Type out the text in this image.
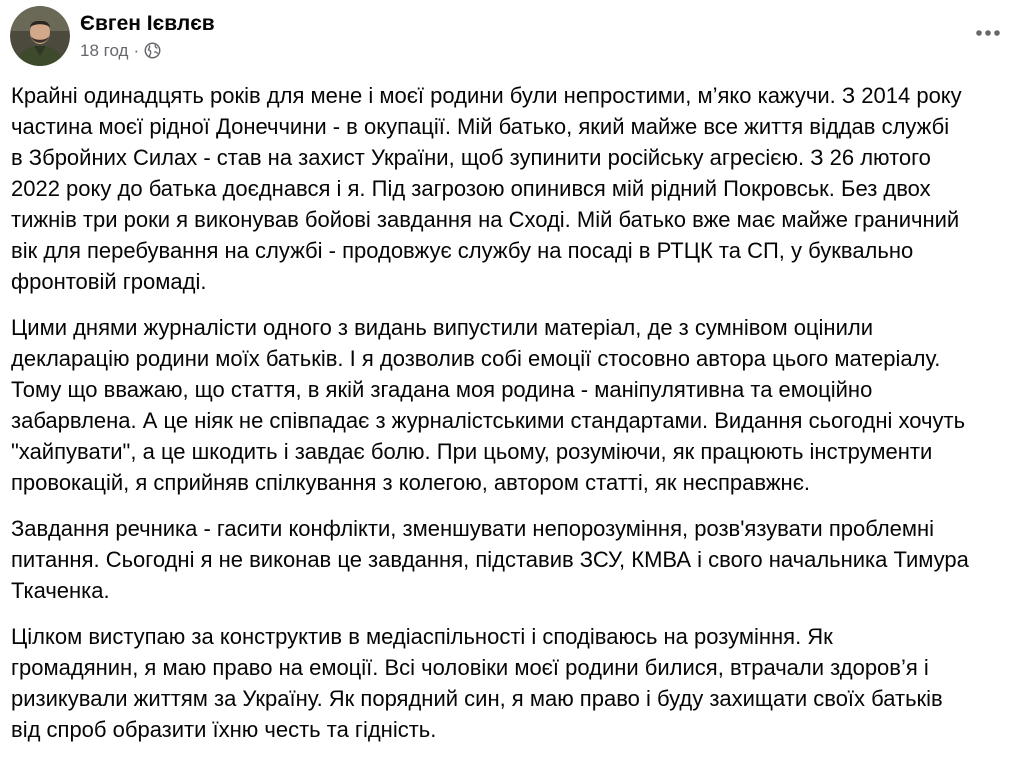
Євген Ієвлєв
18 год ·

Крайні одинадцять років для мене і моєї родини були непростими, м’яко кажучи. З 2014 року
частина моєї рідної Донеччини - в окупації. Мій батько, який майже все життя віддав службі
в Збройних Силах - став на захист України, щоб зупинити російську агресією. З 26 лютого
2022 року до батька доєднався і я. Під загрозою опинився мій рідний Покровськ. Без двох
тижнів три роки я виконував бойові завдання на Сході. Мій батько вже має майже граничний
вік для перебування на службі - продовжує службу на посаді в РТЦК та СП, у буквально
фронтовій громаді.

Цими днями журналісти одного з видань випустили матеріал, де з сумнівом оцінили
декларацію родини моїх батьків. І я дозволив собі емоції стосовно автора цього матеріалу.
Тому що вважаю, що стаття, в якій згадана моя родина - маніпулятивна та емоційно
забарвлена. А це ніяк не співпадає з журналістськими стандартами. Видання сьогодні хочуть
"хайпувати", а це шкодить і завдає болю. При цьому, розуміючи, як працюють інструменти
провокацій, я сприйняв спілкування з колегою, автором статті, як несправжнє.

Завдання речника - гасити конфлікти, зменшувати непорозуміння, розв'язувати проблемні
питання. Сьогодні я не виконав це завдання, підставив ЗСУ, КМВА і свого начальника Тимура
Ткаченка.

Цілком виступаю за конструктив в медіаспільності і сподіваюсь на розуміння. Як
громадянин, я маю право на емоції. Всі чоловіки моєї родини билися, втрачали здоров’я і
ризикували життям за Україну. Як порядний син, я маю право і буду захищати своїх батьків
від спроб образити їхню честь та гідність.
